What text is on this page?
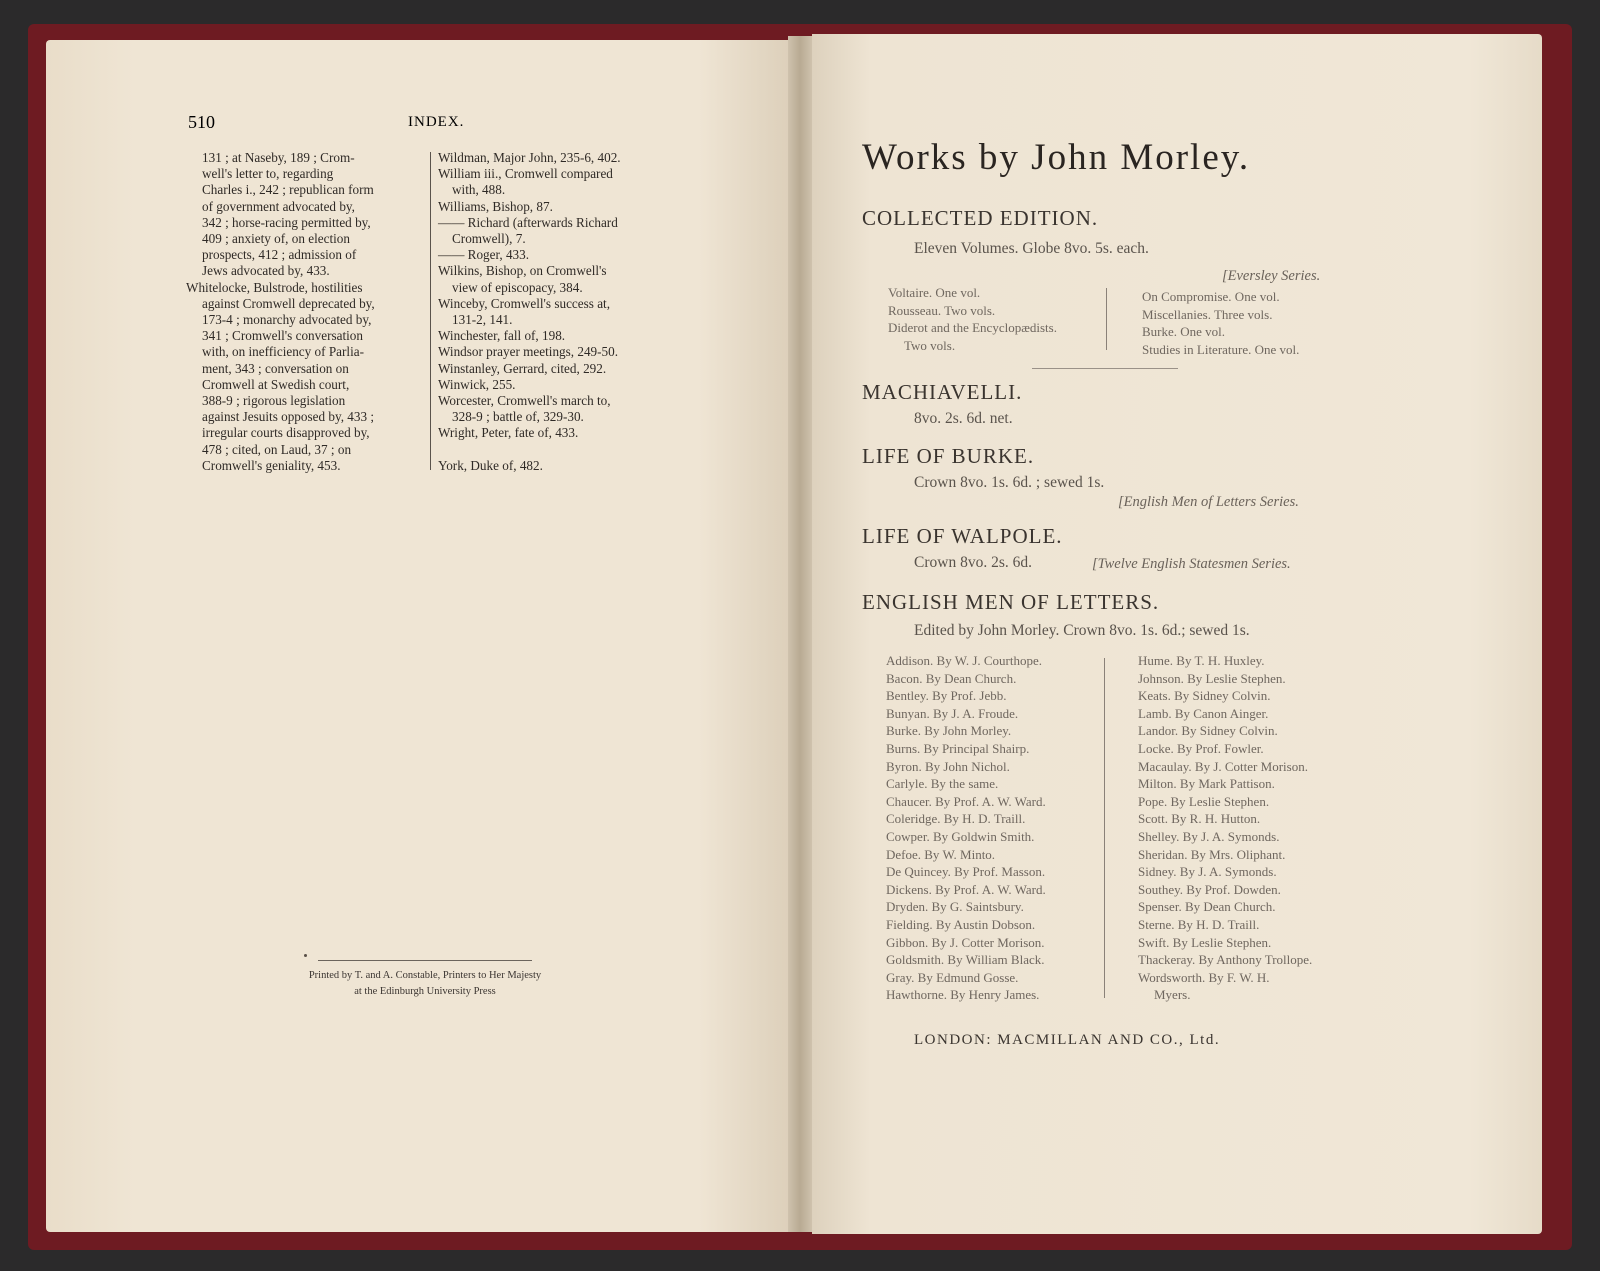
510	INDEX.

131 ; at Naseby, 189 ; Crom-

well's letter to, regarding

Charles i., 242 ; republican form

of government advocated by,

342 ; horse-racing permitted by,

409 ; anxiety of, on election

prospects, 412 ; admission of

Jews advocated by, 433.

Whitelocke, Bulstrode, hostilities

against Cromwell deprecated by,

173-4 ; monarchy advocated by,

341 ; Cromwell's conversation

with, on inefficiency of Parlia-

ment, 343 ; conversation on

Cromwell at Swedish court,

388-9 ; rigorous legislation

against Jesuits opposed by, 433 ;

irregular courts disapproved by,

478 ; cited, on Laud, 37 ; on

Cromwell's geniality, 453.

Wildman, Major John, 235-6, 402.

William iii., Cromwell compared

with, 488.

Williams, Bishop, 87.

—— Richard (afterwards Richard

Cromwell), 7.

—— Roger, 433.

Wilkins, Bishop, on Cromwell's

view of episcopacy, 384.

Winceby, Cromwell's success at,

131-2, 141.

Winchester, fall of, 198.

Windsor prayer meetings, 249-50.

Winstanley, Gerrard, cited, 292.

Winwick, 255.

Worcester, Cromwell's march to,

328-9 ; battle of, 329-30.

Wright, Peter, fate of, 433.

York, Duke of, 482.

Printed by T. and A. Constable, Printers to Her Majesty
at the Edinburgh University Press
Works by John Morley.
COLLECTED EDITION.
Eleven Volumes. Globe 8vo. 5s. each.
[Eversley Series.

Voltaire. One vol.

Rousseau. Two vols.

Diderot and the Encyclopædists.

Two vols.

On Compromise. One vol.

Miscellanies. Three vols.

Burke. One vol.

Studies in Literature. One vol.

MACHIAVELLI.
8vo. 2s. 6d. net.
LIFE OF BURKE.
Crown 8vo. 1s. 6d. ; sewed 1s.
[English Men of Letters Series.
LIFE OF WALPOLE.
Crown 8vo. 2s. 6d.	[Twelve English Statesmen Series.
ENGLISH MEN OF LETTERS.
Edited by John Morley. Crown 8vo. 1s. 6d.; sewed 1s.

Addison. By W. J. Courthope.

Bacon. By Dean Church.

Bentley. By Prof. Jebb.

Bunyan. By J. A. Froude.

Burke. By John Morley.

Burns. By Principal Shairp.

Byron. By John Nichol.

Carlyle. By the same.

Chaucer. By Prof. A. W. Ward.

Coleridge. By H. D. Traill.

Cowper. By Goldwin Smith.

Defoe. By W. Minto.

De Quincey. By Prof. Masson.

Dickens. By Prof. A. W. Ward.

Dryden. By G. Saintsbury.

Fielding. By Austin Dobson.

Gibbon. By J. Cotter Morison.

Goldsmith. By William Black.

Gray. By Edmund Gosse.

Hawthorne. By Henry James.

Hume. By T. H. Huxley.

Johnson. By Leslie Stephen.

Keats. By Sidney Colvin.

Lamb. By Canon Ainger.

Landor. By Sidney Colvin.

Locke. By Prof. Fowler.

Macaulay. By J. Cotter Morison.

Milton. By Mark Pattison.

Pope. By Leslie Stephen.

Scott. By R. H. Hutton.

Shelley. By J. A. Symonds.

Sheridan. By Mrs. Oliphant.

Sidney. By J. A. Symonds.

Southey. By Prof. Dowden.

Spenser. By Dean Church.

Sterne. By H. D. Traill.

Swift. By Leslie Stephen.

Thackeray. By Anthony Trollope.

Wordsworth. By F. W. H.

Myers.

LONDON: MACMILLAN AND CO., Ltd.
